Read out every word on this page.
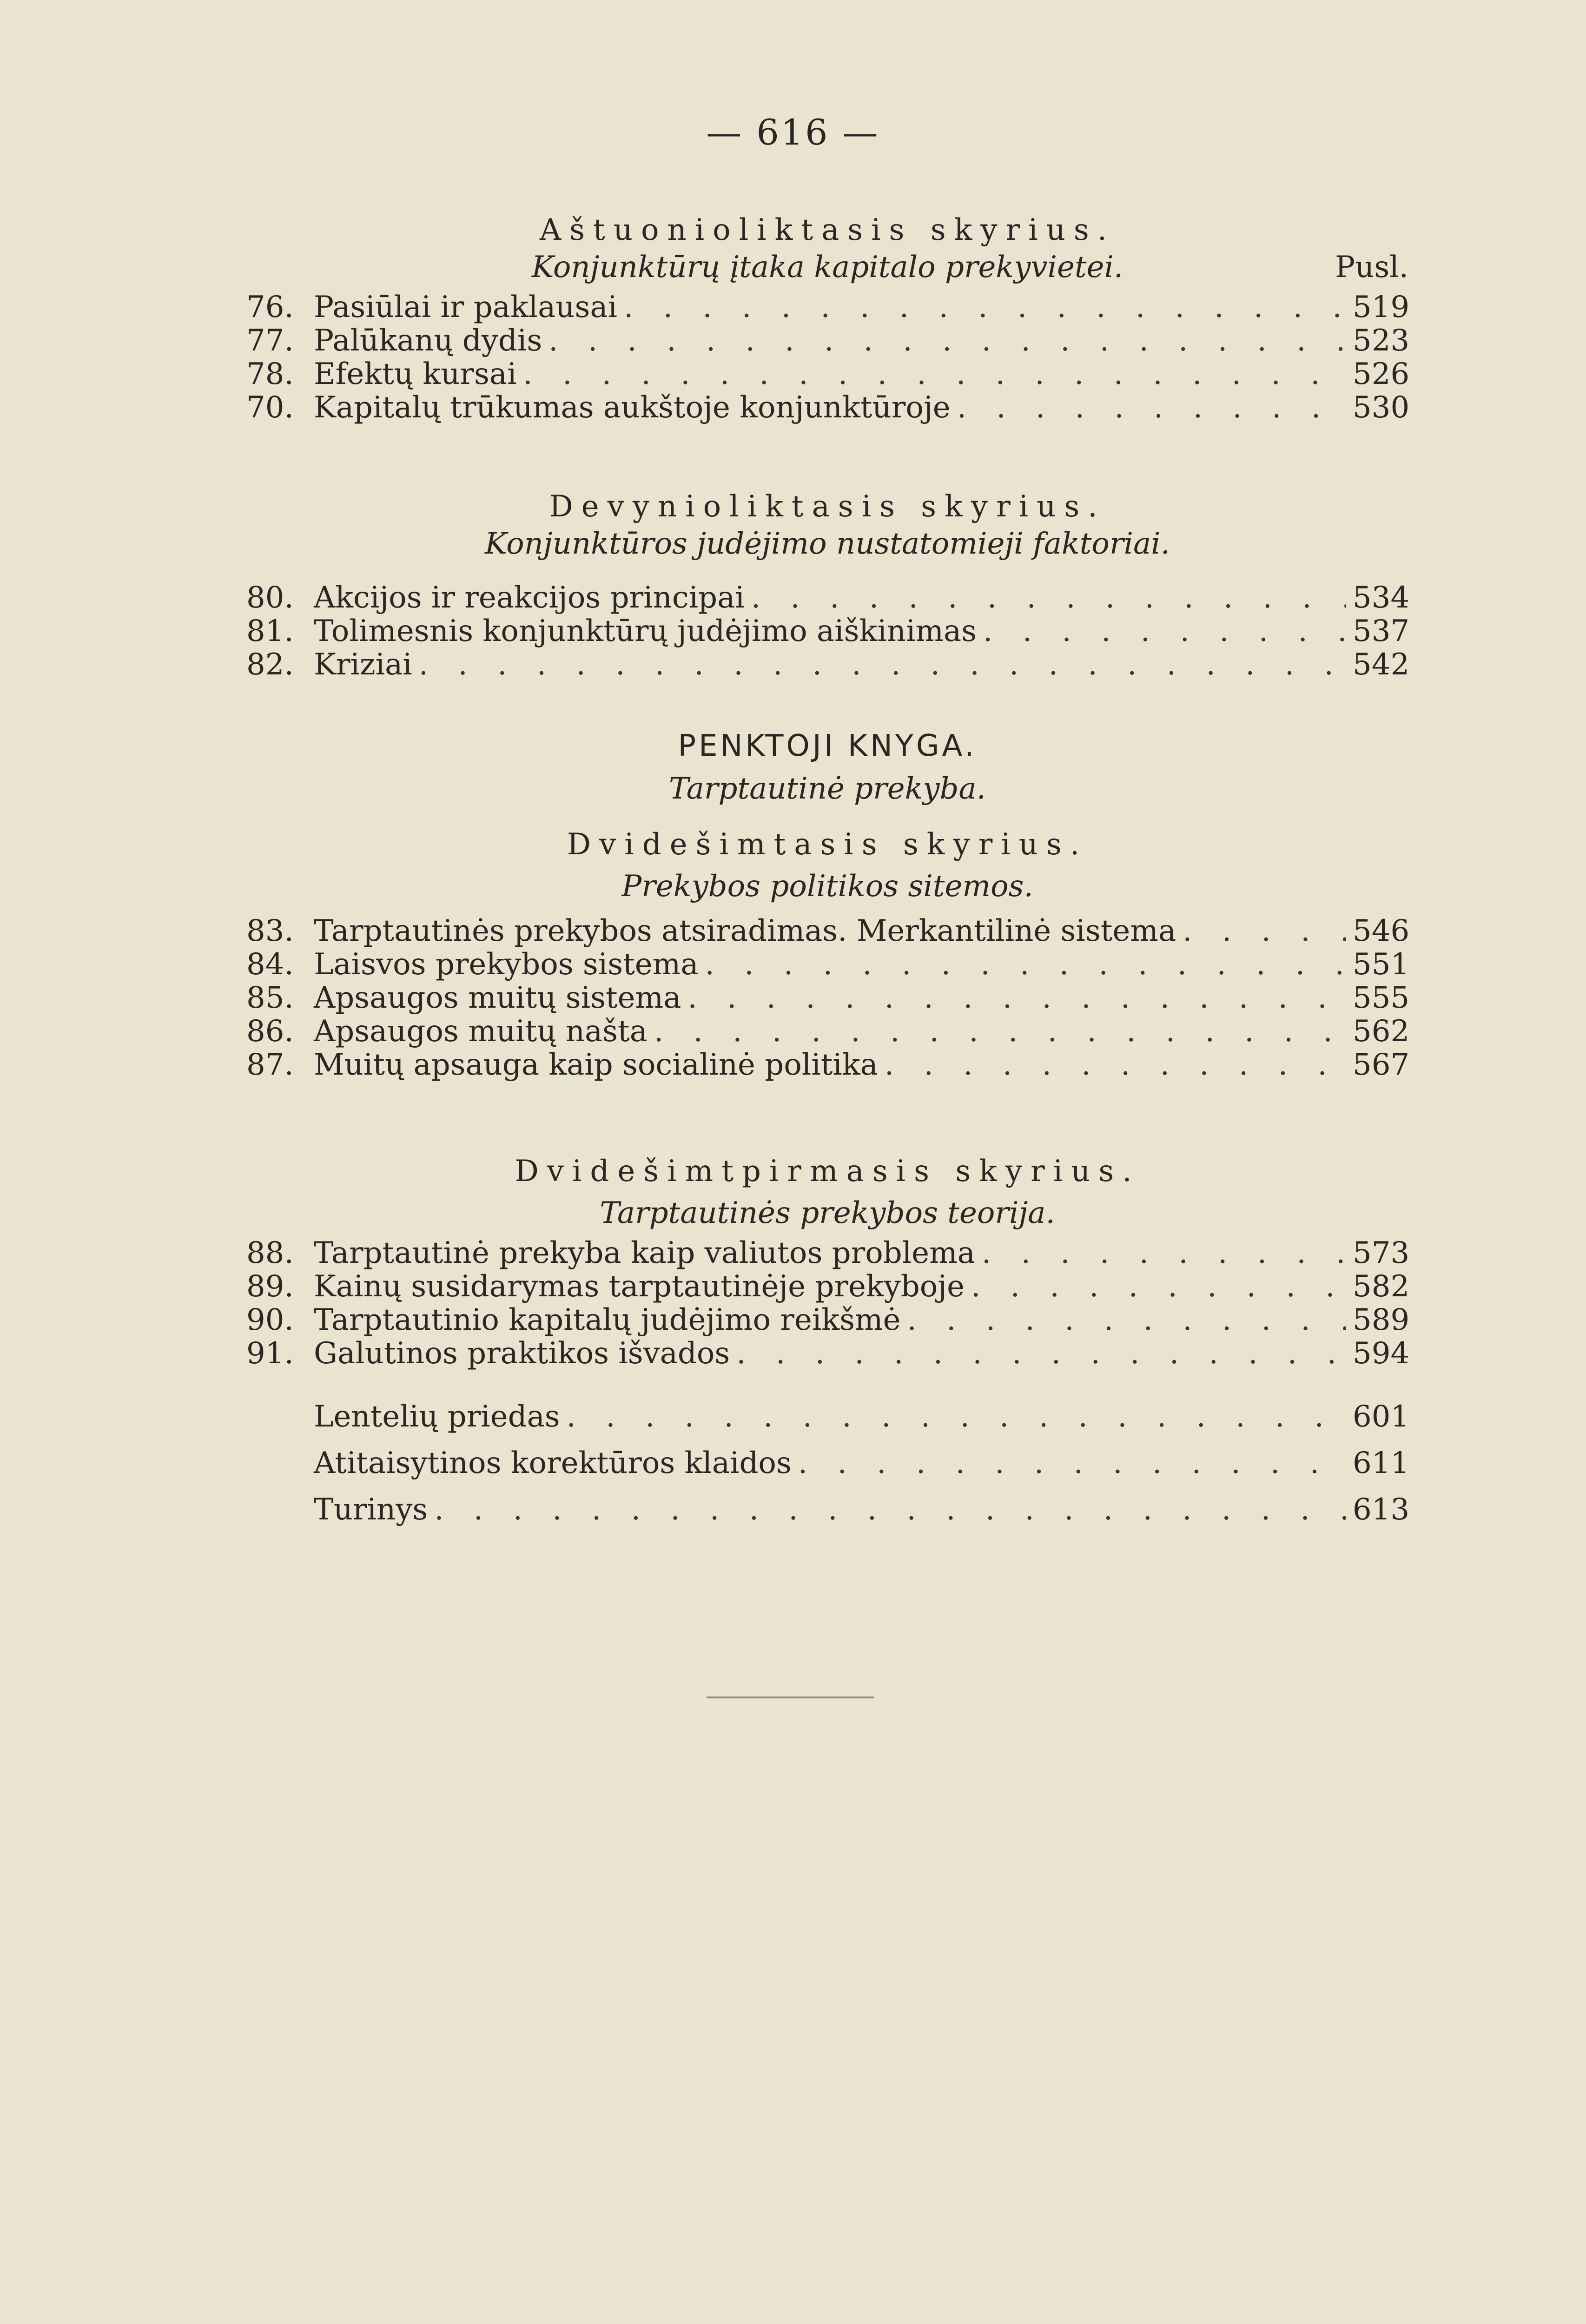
— 616 —

Aštuonioliktasis skyrius.

Konjunktūrų įtaka kapitalo prekyvietei.	Pusl.
76. Pasiūlai ir paklausai . . .	519
77. Palūkanų dydis . . .	523
78. Efektų kursai . . .	526
70. Kapitalų trūkumas aukštoje konjunktūroje . . .	530

Devynioliktasis skyrius.

Konjunktūros judėjimo nustatomieji faktoriai.

80. Akcijos ir reakcijos principai . . .	534
81. Tolimesnis konjunktūrų judėjimo aiškinimas . . .	537
82. Kriziai . . .	542

PENKTOJI KNYGA.

Tarptautinė prekyba.

Dvidešimtasis skyrius.

Prekybos politikos sitemos.

83. Tarptautinės prekybos atsiradimas. Merkantilinė sistema . . .	546
84. Laisvos prekybos sistema . . .	551
85. Apsaugos muitų sistema . . .	555
86. Apsaugos muitų našta . . .	562
87. Muitų apsauga kaip socialinė politika . . .	567

Dvidešimtpirmasis skyrius.

Tarptautinės prekybos teorija.

88. Tarptautinė prekyba kaip valiutos problema . . .	573
89. Kainų susidarymas tarptautinėje prekyboje . . .	582
90. Tarptautinio kapitalų judėjimo reikšmė . . .	589
91. Galutinos praktikos išvados . . .	594
Lentelių priedas . . .	601
Atitaisytinos korektūros klaidos . . .	611
Turinys . . .	613
